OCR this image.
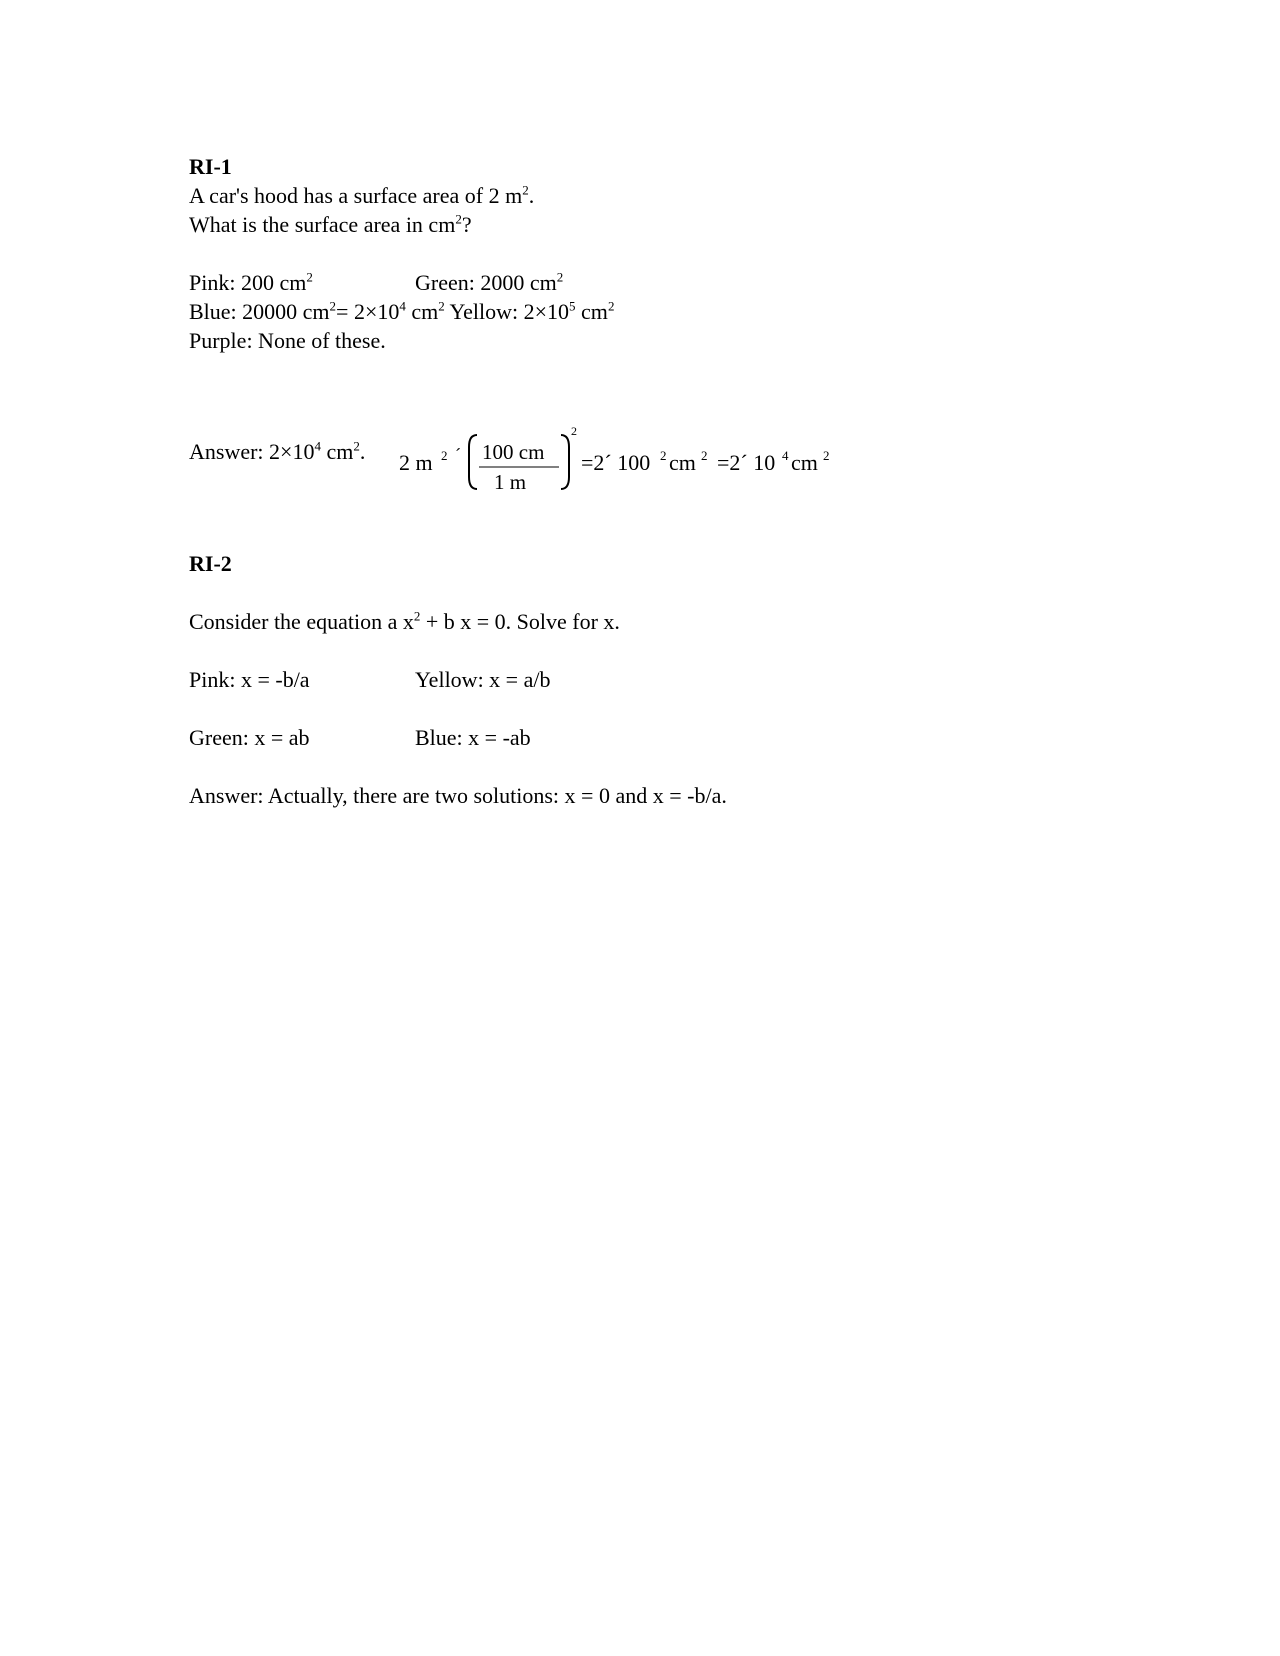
RI-1

A car's hood has a surface area of 2 $m^2$.

What is the surface area in $cm^2$?

Pink: 200 $cm^2$	Green: 2000 $cm^2$
Blue: 20000 $cm^2= 2\times 10^4$ $cm^2$ Yellow: $2\times 10^5$ $cm^2$
Purple: None of these.
Answer: $2\times 10^4$ $cm^2$. 2 m 2 ´ 100 cm
1 m
2
=2´ 100 2 cm 2 =2´ 10 4 cm 2

RI-2

Consider the equation a $x^2 + b$ x = 0. Solve for x.

Pink: x = -b/a	Yellow: x = a/b
Green: x = ab	Blue: x = -ab

Answer: Actually, there are two solutions: x = 0 and x = -b/a.
